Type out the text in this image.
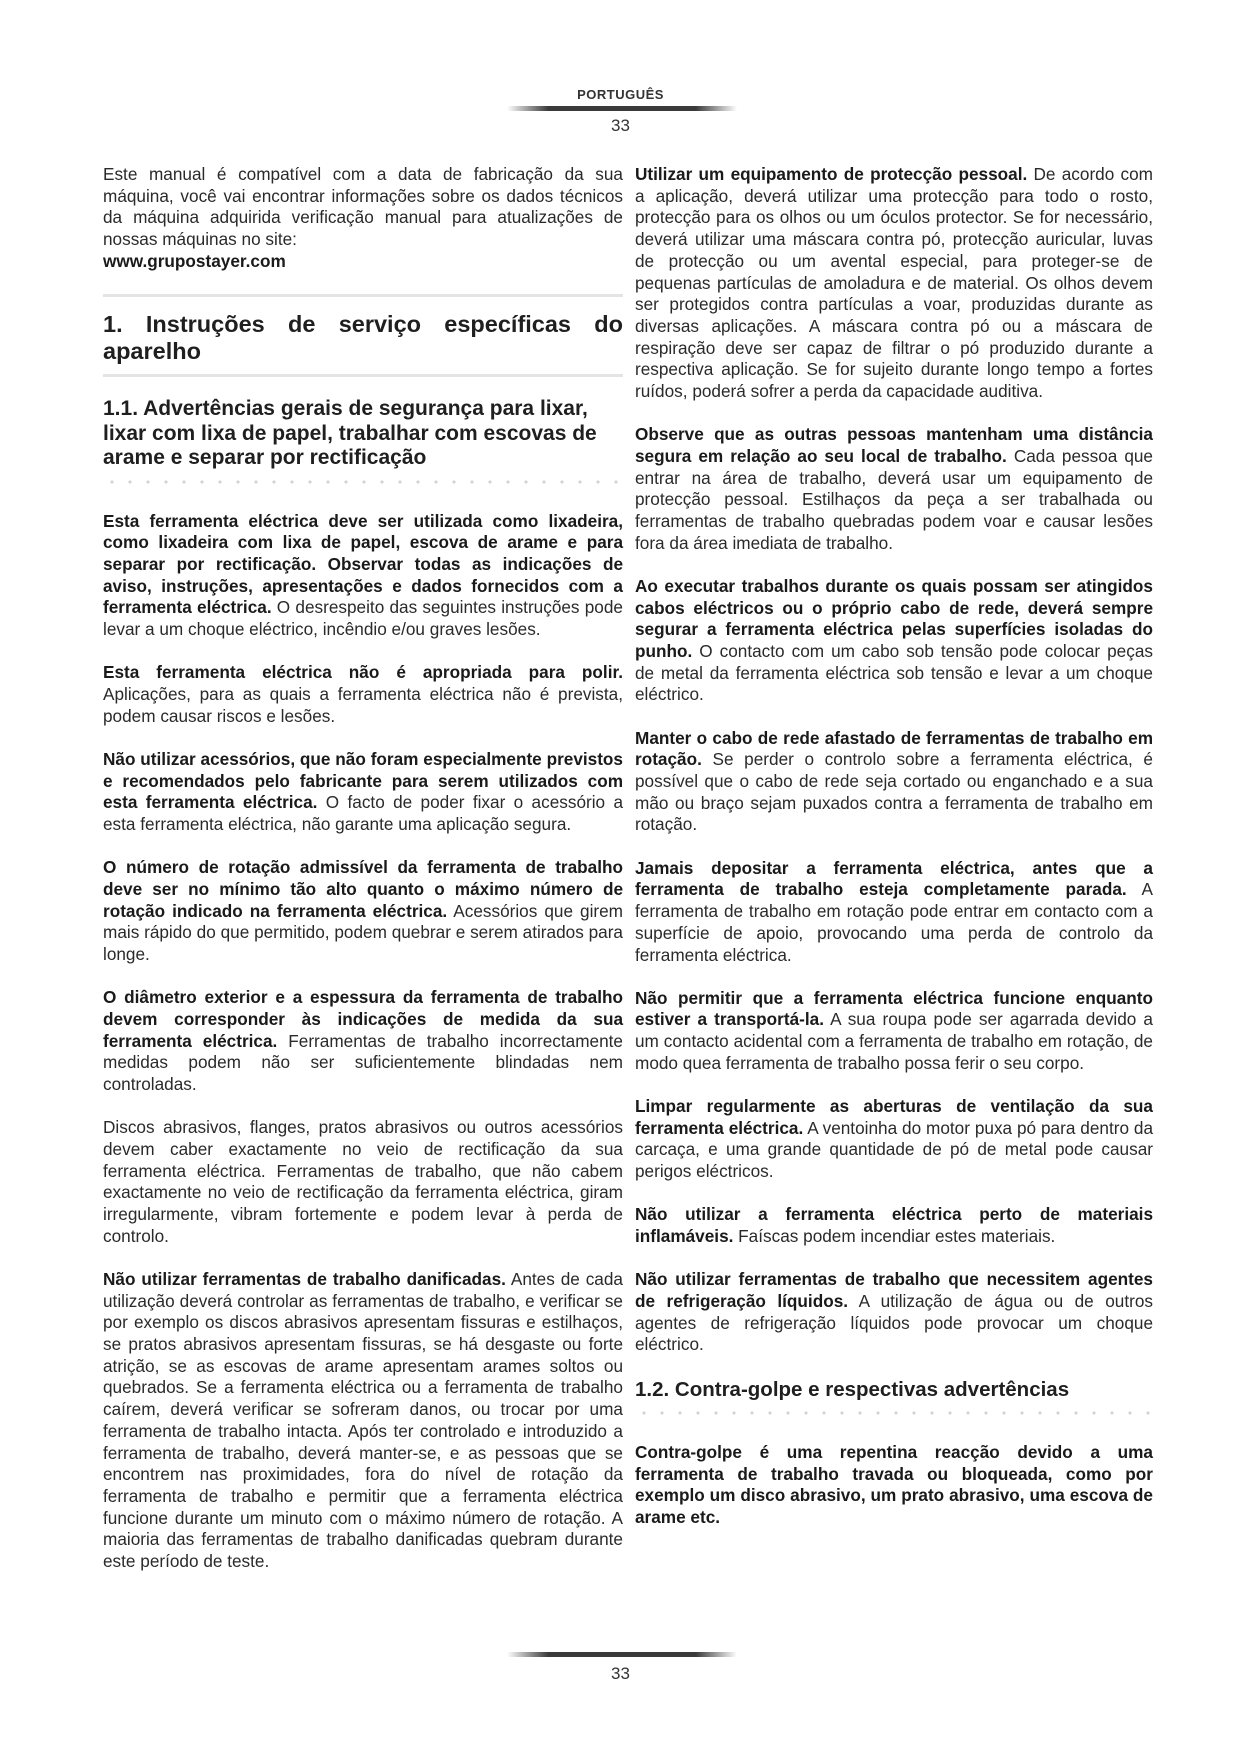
PORTUGUÊS
33

Este manual é compatível com a data de fabricação da sua máquina, você vai encontrar informações sobre os dados técnicos da máquina adquirida verificação manual para atualizações de nossas máquinas no site:
www.grupostayer.com

1. Instruções de serviço específicas do aparelho
1.1. Advertências gerais de segurança para lixar, lixar com lixa de papel, trabalhar com escovas de arame e separar por rectificação

Esta ferramenta eléctrica deve ser utilizada como lixadeira, como lixadeira com lixa de papel, escova de arame e para separar por rectificação. Observar todas as indicações de aviso, instruções, apresentações e dados fornecidos com a ferramenta eléctrica. O desrespeito das seguintes instruções pode levar a um choque eléctrico, incêndio e/ou graves lesões.

Esta ferramenta eléctrica não é apropriada para polir. Aplicações, para as quais a ferramenta eléctrica não é prevista, podem causar riscos e lesões.

Não utilizar acessórios, que não foram especialmente previstos e recomendados pelo fabricante para serem utilizados com esta ferramenta eléctrica. O facto de poder fixar o acessório a esta ferramenta eléctrica, não garante uma aplicação segura.

O número de rotação admissível da ferramenta de trabalho deve ser no mínimo tão alto quanto o máximo número de rotação indicado na ferramenta eléctrica. Acessórios que girem mais rápido do que permitido, podem quebrar e serem atirados para longe.

O diâmetro exterior e a espessura da ferramenta de trabalho devem corresponder às indicações de medida da sua ferramenta eléctrica. Ferramentas de trabalho incorrectamente medidas podem não ser suficientemente blindadas nem controladas.

Discos abrasivos, flanges, pratos abrasivos ou outros acessórios devem caber exactamente no veio de rectificação da sua ferramenta eléctrica. Ferramentas de trabalho, que não cabem exactamente no veio de rectificação da ferramenta eléctrica, giram irregularmente, vibram fortemente e podem levar à perda de controlo.

Não utilizar ferramentas de trabalho danificadas. Antes de cada utilização deverá controlar as ferramentas de trabalho, e verificar se por exemplo os discos abrasivos apresentam fissuras e estilhaços, se pratos abrasivos apresentam fissuras, se há desgaste ou forte atrição, se as escovas de arame apresentam arames soltos ou quebrados. Se a ferramenta eléctrica ou a ferramenta de trabalho caírem, deverá verificar se sofreram danos, ou trocar por uma ferramenta de trabalho intacta. Após ter controlado e introduzido a ferramenta de trabalho, deverá manter-se, e as pessoas que se encontrem nas proximidades, fora do nível de rotação da ferramenta de trabalho e permitir que a ferramenta eléctrica funcione durante um minuto com o máximo número de rotação. A maioria das ferramentas de trabalho danificadas quebram durante este período de teste.

Utilizar um equipamento de protecção pessoal. De acordo com a aplicação, deverá utilizar uma protecção para todo o rosto, protecção para os olhos ou um óculos protector. Se for necessário, deverá utilizar uma máscara contra pó, protecção auricular, luvas de protecção ou um avental especial, para proteger-se de pequenas partículas de amoladura e de material. Os olhos devem ser protegidos contra partículas a voar, produzidas durante as diversas aplicações. A máscara contra pó ou a máscara de respiração deve ser capaz de filtrar o pó produzido durante a respectiva aplicação. Se for sujeito durante longo tempo a fortes ruídos, poderá sofrer a perda da capacidade auditiva.

Observe que as outras pessoas mantenham uma distância segura em relação ao seu local de trabalho. Cada pessoa que entrar na área de trabalho, deverá usar um equipamento de protecção pessoal. Estilhaços da peça a ser trabalhada ou ferramentas de trabalho quebradas podem voar e causar lesões fora da área imediata de trabalho.

Ao executar trabalhos durante os quais possam ser atingidos cabos eléctricos ou o próprio cabo de rede, deverá sempre segurar a ferramenta eléctrica pelas superfícies isoladas do punho. O contacto com um cabo sob tensão pode colocar peças de metal da ferramenta eléctrica sob tensão e levar a um choque eléctrico.

Manter o cabo de rede afastado de ferramentas de trabalho em rotação. Se perder o controlo sobre a ferramenta eléctrica, é possível que o cabo de rede seja cortado ou enganchado e a sua mão ou braço sejam puxados contra a ferramenta de trabalho em rotação.

Jamais depositar a ferramenta eléctrica, antes que a ferramenta de trabalho esteja completamente parada. A ferramenta de trabalho em rotação pode entrar em contacto com a superfície de apoio, provocando uma perda de controlo da ferramenta eléctrica.

Não permitir que a ferramenta eléctrica funcione enquanto estiver a transportá-la. A sua roupa pode ser agarrada devido a um contacto acidental com a ferramenta de trabalho em rotação, de modo quea ferramenta de trabalho possa ferir o seu corpo.

Limpar regularmente as aberturas de ventilação da sua ferramenta eléctrica. A ventoinha do motor puxa pó para dentro da carcaça, e uma grande quantidade de pó de metal pode causar perigos eléctricos.

Não utilizar a ferramenta eléctrica perto de materiais inflamáveis. Faíscas podem incendiar estes materiais.

Não utilizar ferramentas de trabalho que necessitem agentes de refrigeração líquidos. A utilização de água ou de outros agentes de refrigeração líquidos pode provocar um choque eléctrico.

1.2. Contra-golpe e respectivas advertências

Contra-golpe é uma repentina reacção devido a uma ferramenta de trabalho travada ou bloqueada, como por exemplo um disco abrasivo, um prato abrasivo, uma escova de arame etc.

33
